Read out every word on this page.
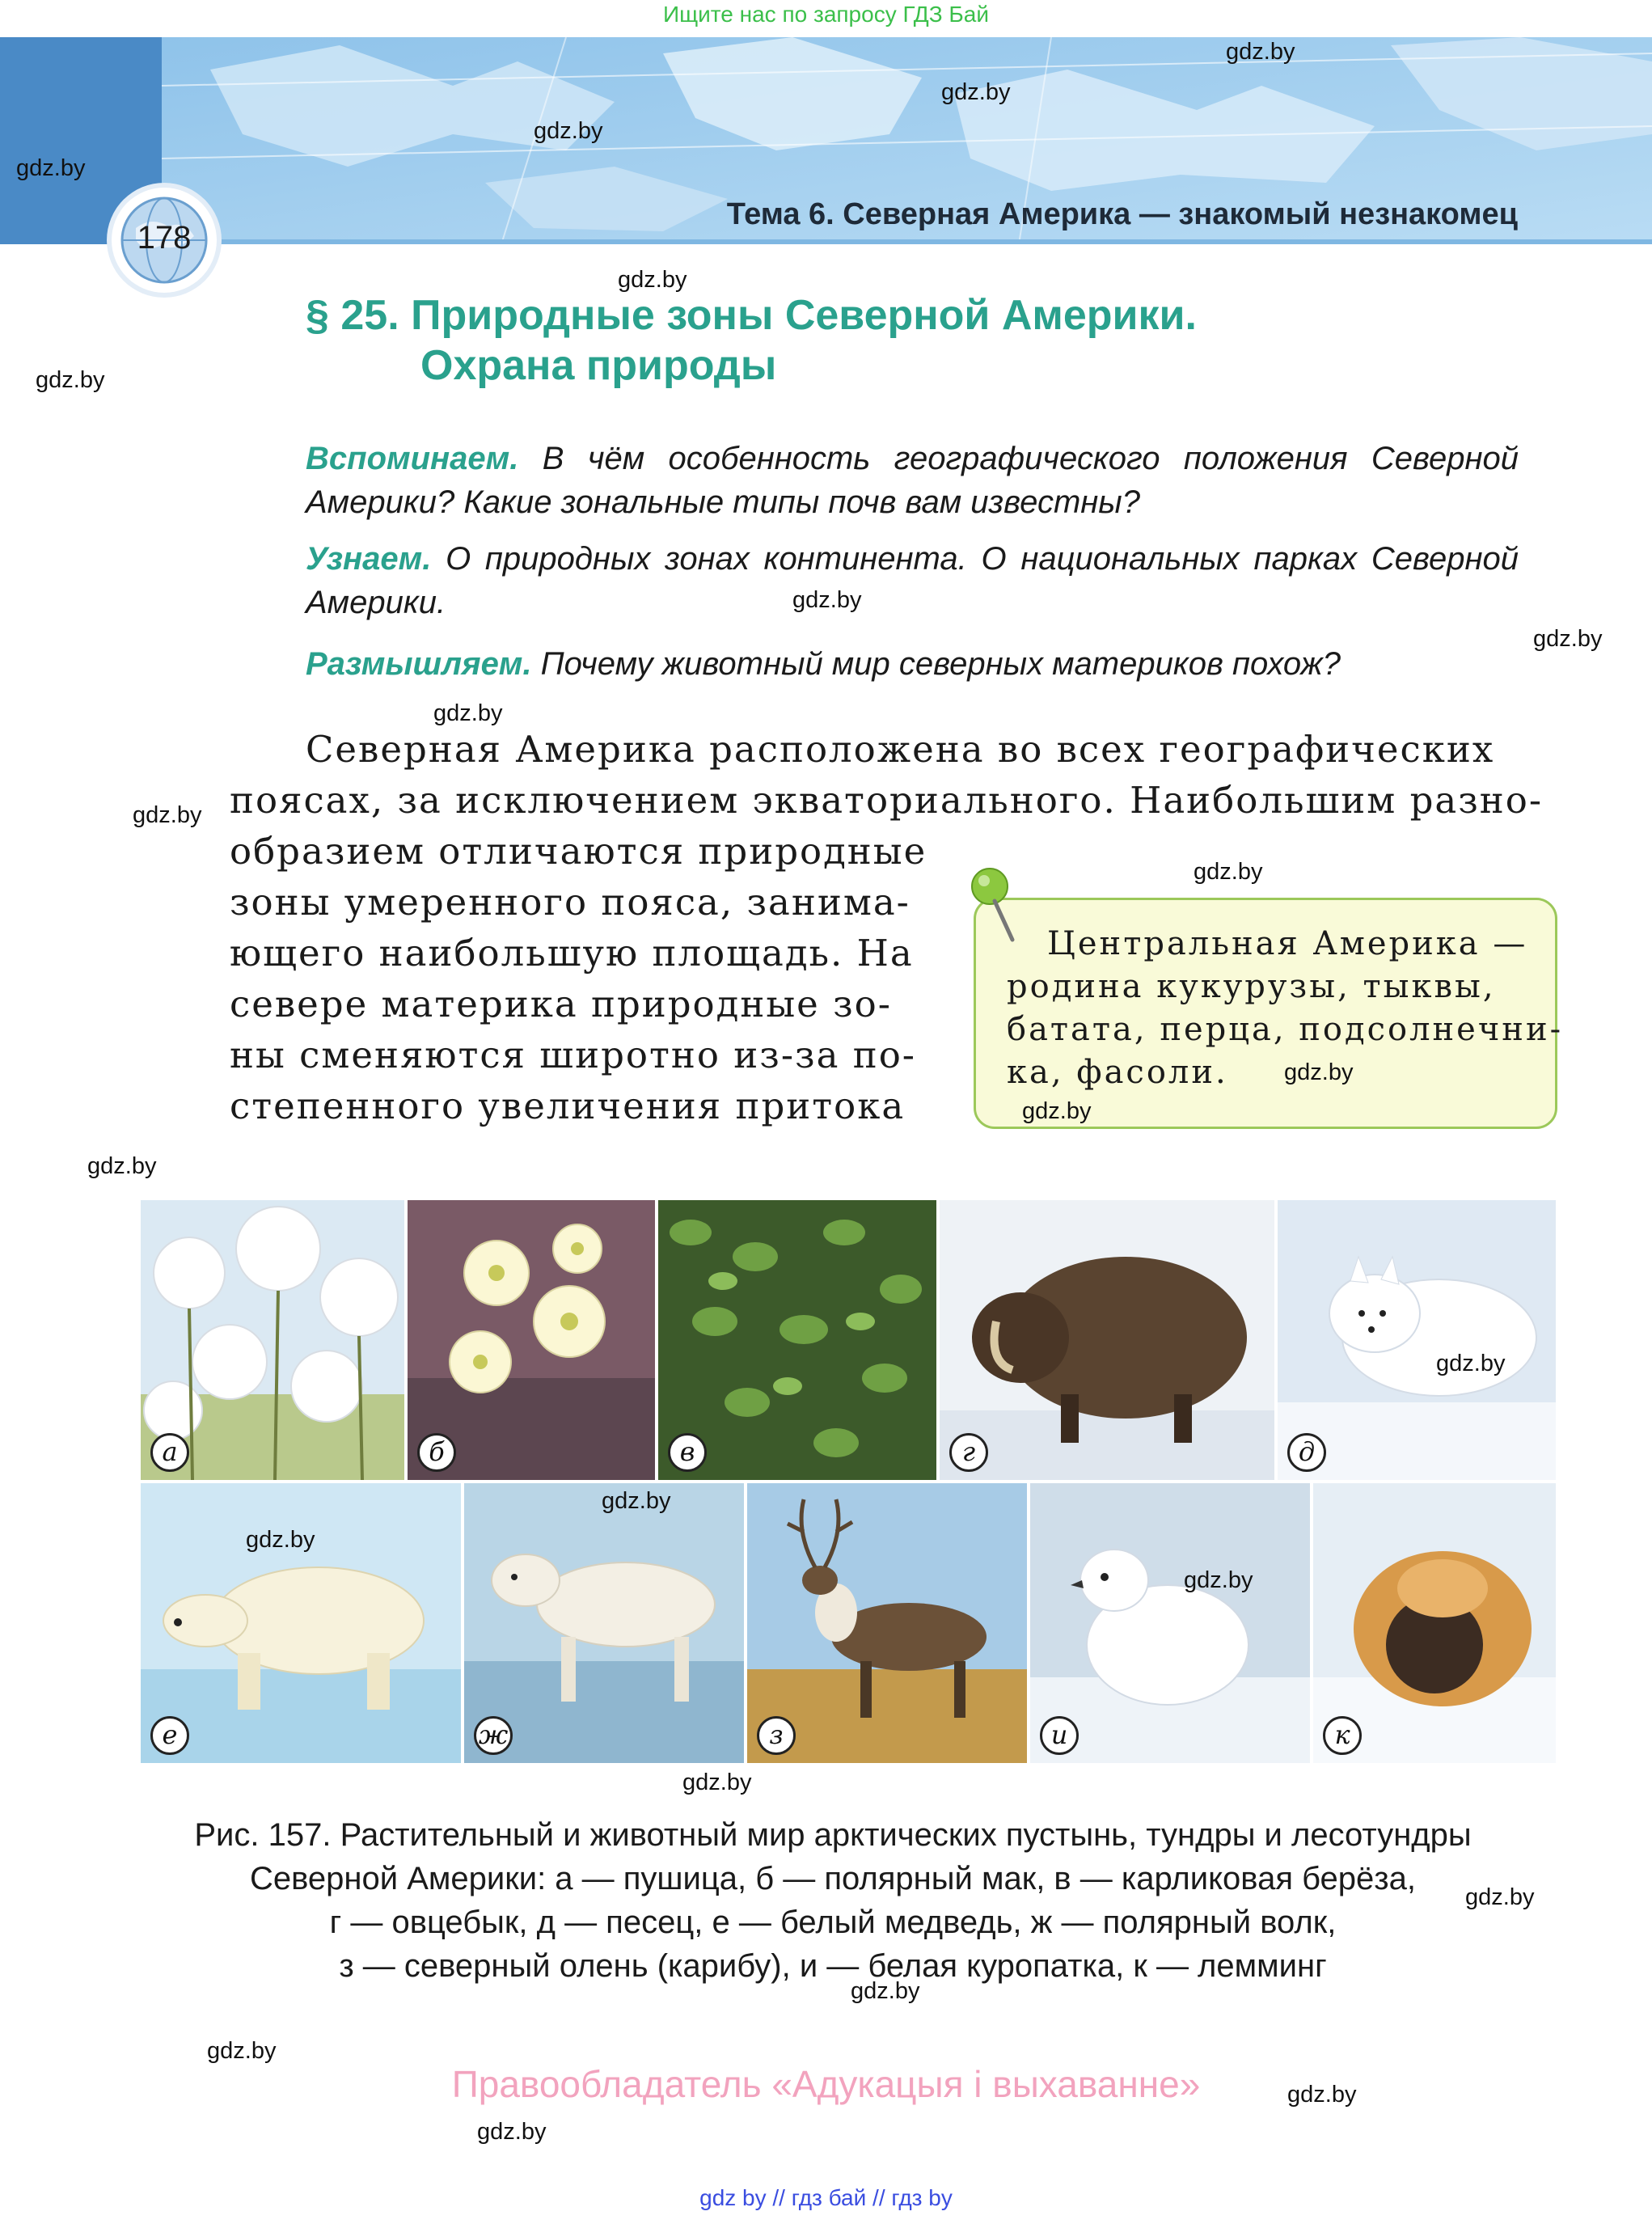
Ищите нас по запросу ГДЗ Бай
178
Тема 6. Северная Америка — знакомый незнакомец
§ 25. Природные зоны Северной Америки.
Охрана природы
Вспоминаем. В чём особенность географического положения Северной
Америки? Какие зональные типы почв вам известны?
Узнаем. О природных зонах континента. О национальных парках Северной
Америки.
Размышляем. Почему животный мир северных материков похож?
Северная Америка расположена во всех географических
поясах, за исключением экваториального. Наибольшим разно-
образием отличаются природные
зоны умеренного пояса, занима-
ющего наибольшую площадь. На
севере материка природные зо-
ны сменяются широтно из-за по-
степенного увеличения притока
Центральная Америка —
родина кукурузы, тыквы,
батата, перца, подсолнечни-
ка, фасоли.
а	б	в	г	д
е	ж	з	и	к
Рис. 157. Растительный и животный мир арктических пустынь, тундры и лесотундры
Северной Америки: а — пушица, б — полярный мак, в — карликовая берёза,
г — овцебык, д — песец, е — белый медведь, ж — полярный волк,
з — северный олень (карибу), и — белая куропатка, к — лемминг
Правообладатель «Адукацыя і выхаванне»
gdz by // гдз бай // гдз by
gdz.by
gdz.by
gdz.by
gdz.by
gdz.by
gdz.by
gdz.by
gdz.by
gdz.by
gdz.by
gdz.by
gdz.by
gdz.by
gdz.by
gdz.by
gdz.by
gdz.by
gdz.by
gdz.by
gdz.by
gdz.by
gdz.by
gdz.by
gdz.by
